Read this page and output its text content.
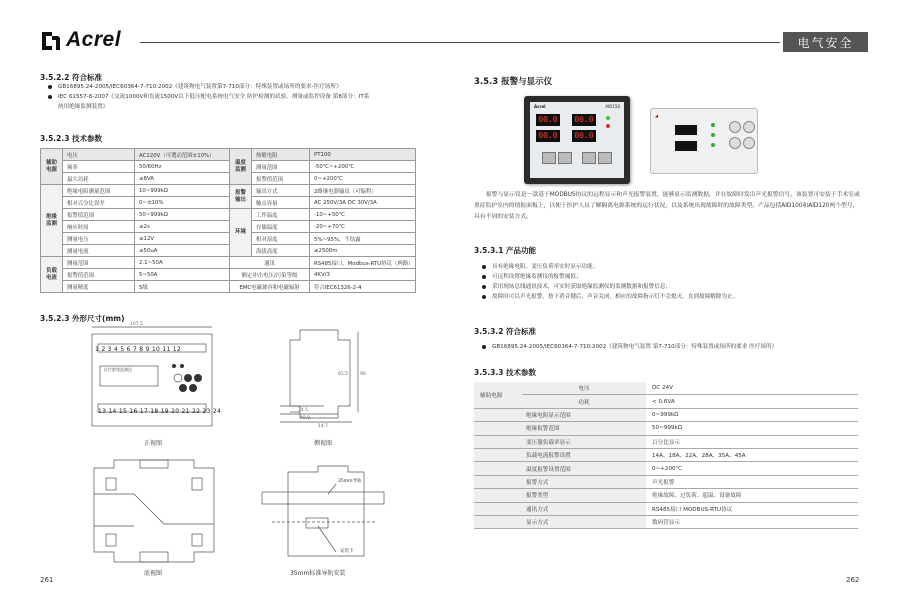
Acrel	电气安全
3.5.2.2 符合标准
GB16895.24-2005/IEC60364-7-710:2002《建筑物电气装置第7-710部分：特殊装置或场所的要求-医疗场所》
IEC 61557-8-2007《交流1000V和直流1500V以下低压配电系统电气安全 防护检测的试验、测量或监控设备 第8部分：IT系
统用绝缘监测装置》
3.5.2.3 技术参数
辅助电源	电压	AC220V（可選动范围±10%）	温度监测	热敏电阻	PT100
	频率	50/60Hz		测量范围	-50℃~+200℃
	最大功耗	≤8VA		报警值范围	0~+200℃
绝缘监测	绝缘电阻测量范围	10~999kΩ	报警输出	输出方式	2路继电器输出（可编程）
	相对百分比误差	0~±10%		触点容量	AC 250V/3A DC 30V/3A
	报警值范围	50~999kΩ	环境	工作温度	-10~+50℃
	响应时间	≤2s		存储温度	-20~+70℃
	测量电压	≤12V		相对湿度	5%~95%，不结露
	测量电流	≤50uA		海拔高度	≤2500m
负载电流	测量范围	2.1~50A	通讯		RS485接口，Modbus-RTU协议（两路）
	报警值范围	5~50A	额定冲击电压/污染等级		4KV/3
	测量精度	5级	EMC电磁兼容和电磁辐射		符合IEC61326-2-4
3.5.2.3 外形尺寸(mm)
107.5
1 2 3 4 5 6 7 8 9 10 11 12
13 14 15 16 17 18 19 20 21 22 23 24
医疗绝缘监测仪
正视图
90
65.5
34.5
49.8
14.7
侧视图
底视图
35mm导轨
安装卡
35mm标准导轨安装
261
3.5.3 报警与显示仪
Acrel	AID150
00.0 00.0
00.0 00.0
◢
报警与显示仪是一款基于MODBUS协议的远程显示和声光报警装置，能够显示监测数据，并在故障时发出声光报警信号。该装置可安装于手术室或重症监护室内的情报面板上，以便于医护人员了解隔离电源系统的运行状况，以及系统出现故障时的故障类型。产品包括AID100和AID120两个型号，具有不同的安装方式。
3.5.3.1 产品功能
具有绝缘电阻、变压负荷率实时显示功能；
可远程设置绝缘监测仪的报警阈值；
采用现场总线通讯技术，可实时获取绝缘监测仪的监测数据和报警信息；
故障时可以声光报警，按下消音键后，声音关闭，相应的故障指示灯不会熄灭，直到故障解除为止。
3.5.3.2 符合标准
GB16895.24-2005/IEC60364-7-710:2002《建筑物电气装置 第7-710部分：特殊装置或场所的要求 医疗场所》
3.5.3.3 技术参数
辅助电源	电压	DC 24V
	功耗	< 0.6VA
绝缘电阻显示范围		0~999kΩ
绝缘报警范围		50~999kΩ
变压器负载率显示		百分比显示
负载电流报警设置		14A、18A、22A、28A、35A、45A
温度报警设置范围		0~+200℃
报警方式		声光报警
报警类型		绝缘故障、过负荷、超温、设备故障
通讯方式		RS485接口 MODBUS-RTU协议
显示方式		数码管显示
262
